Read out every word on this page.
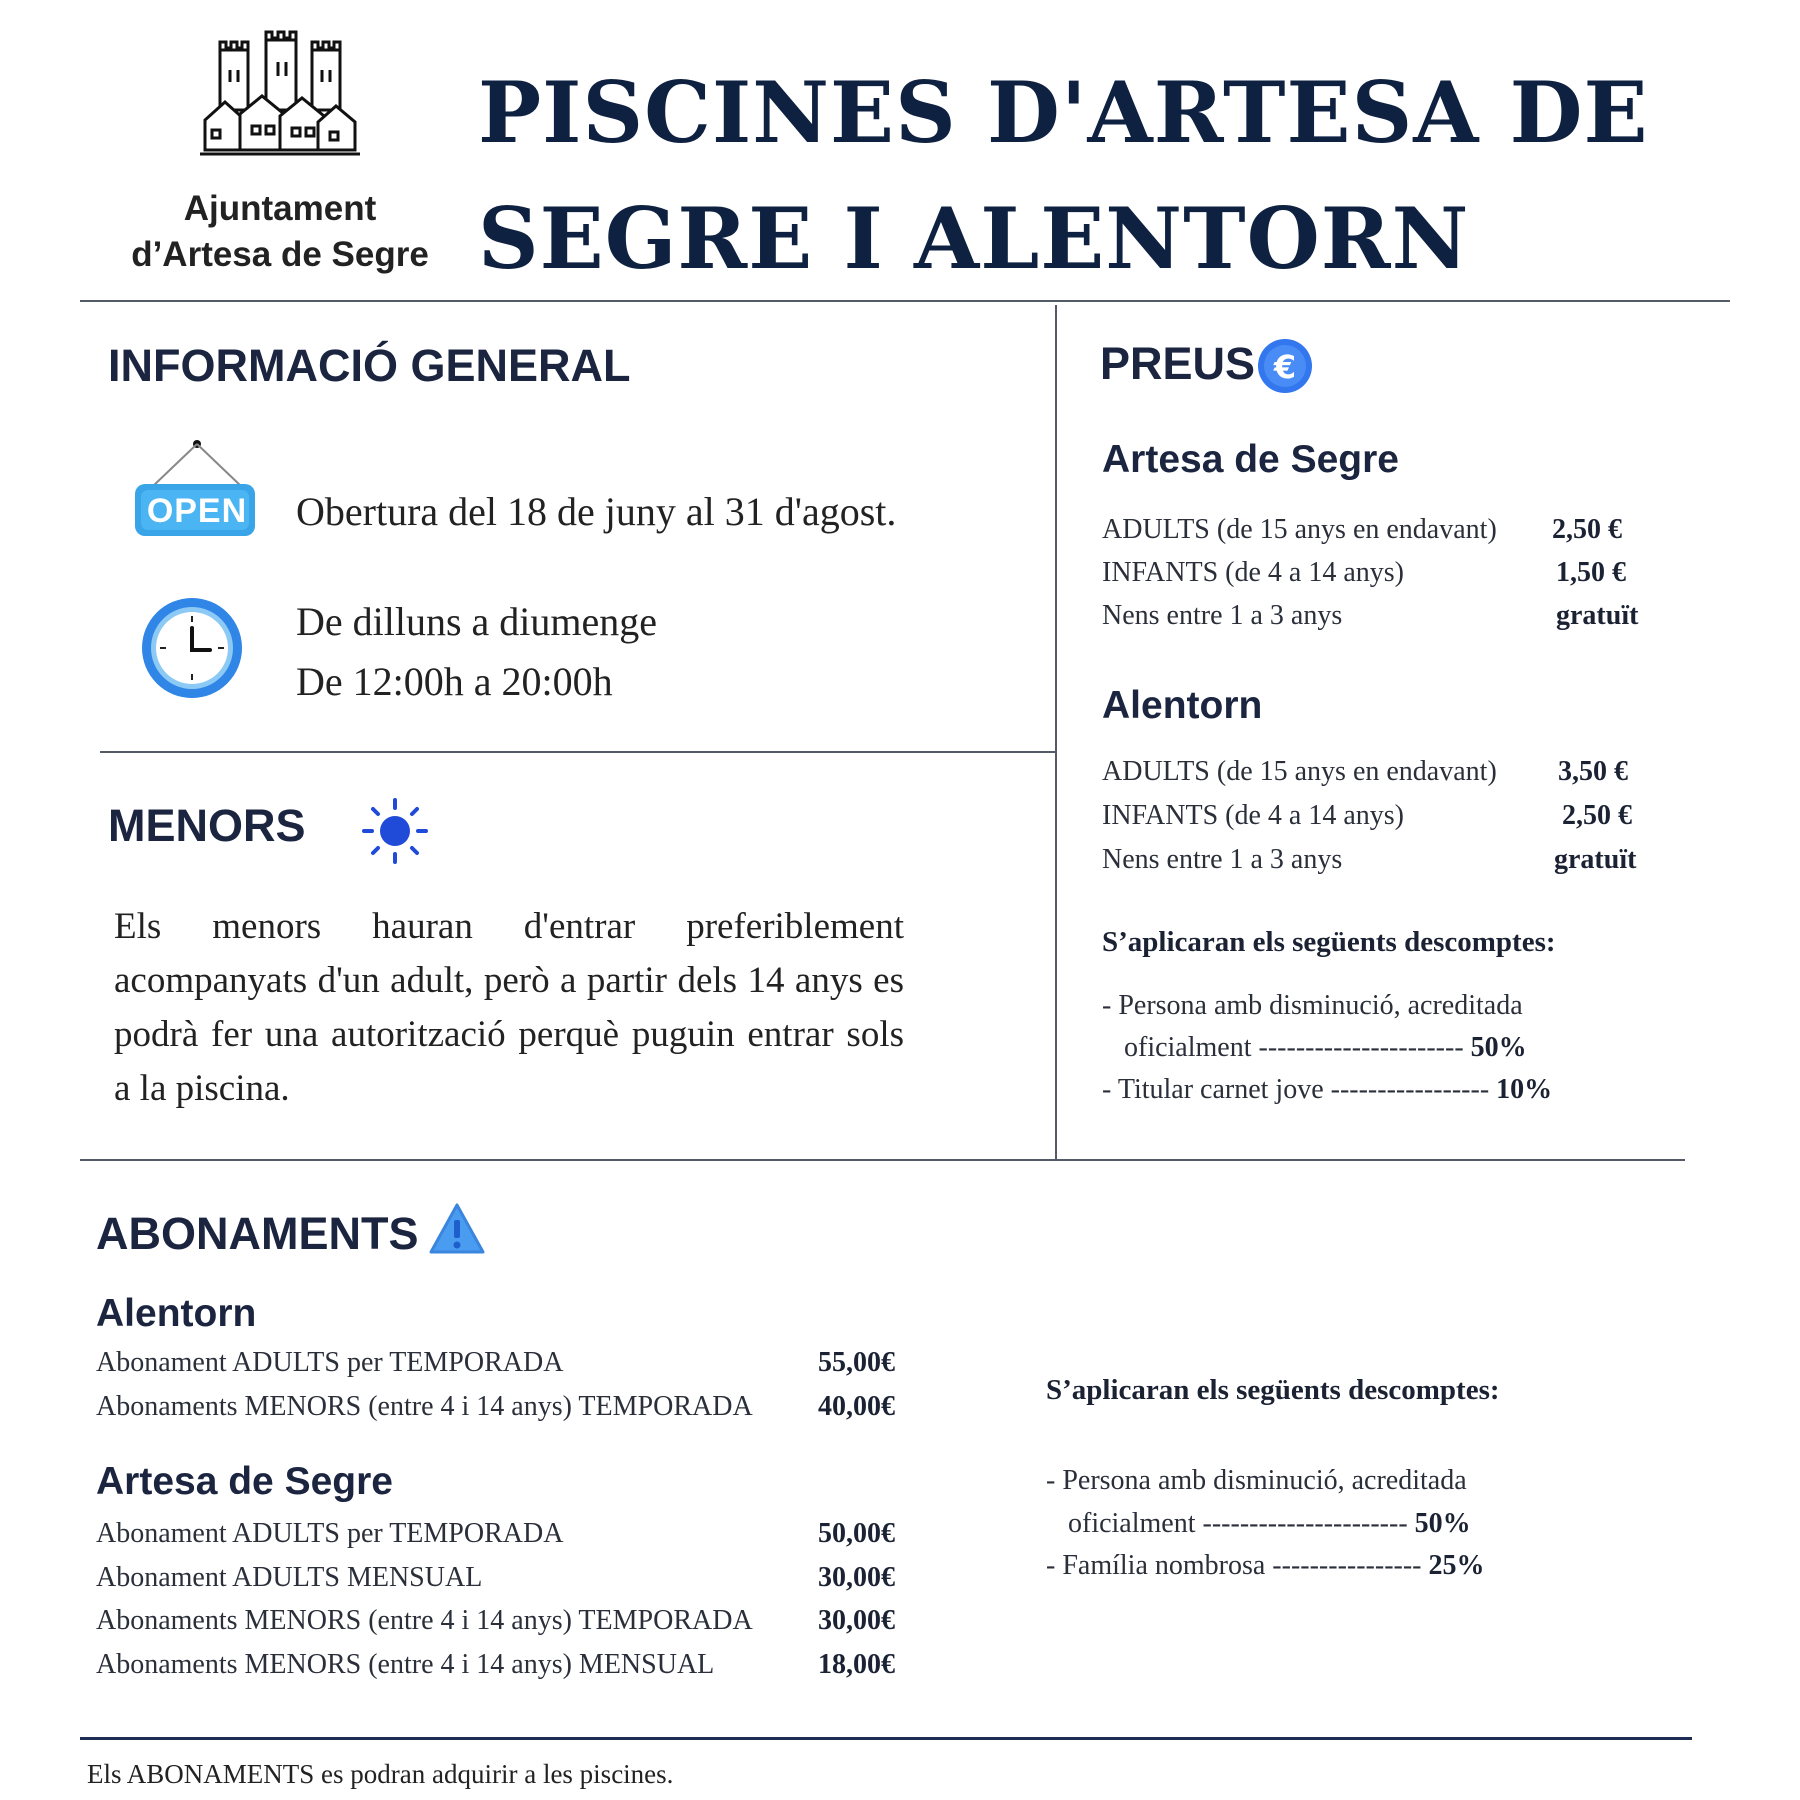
Ajuntament
d’Artesa de Segre
PISCINES D'ARTESA DE
SEGRE I ALENTORN
INFORMACIÓ GENERAL
OPEN Obertura del 18 de juny al 31 d'agost.
De dilluns a diumenge
De 12:00h a 20:00h
MENORS
Els menors hauran d'entrar preferiblement acompanyats d'un adult, però a partir dels 14 anys es podrà fer una autorització perquè puguin entrar sols a la piscina.
PREUS €
Artesa de Segre
ADULTS (de 15 anys en endavant) 2,50 €
INFANTS (de 4 a 14 anys)	1,50 €
Nens entre 1 a 3 anys	gratuït
Alentorn
ADULTS (de 15 anys en endavant) 3,50 €
INFANTS (de 4 a 14 anys)	2,50 €
Nens entre 1 a 3 anys	gratuït
S’aplicaran els següents descomptes:
- Persona amb disminució, acreditada
oficialment ---------------------- 50%
- Titular carnet jove ----------------- 10%
ABONAMENTS
Alentorn
Abonament ADULTS per TEMPORADA	55,00€
Abonaments MENORS (entre 4 i 14 anys) TEMPORADA 40,00€
Artesa de Segre
Abonament ADULTS per TEMPORADA	50,00€
Abonament ADULTS MENSUAL	30,00€
Abonaments MENORS (entre 4 i 14 anys) TEMPORADA 30,00€
Abonaments MENORS (entre 4 i 14 anys) MENSUAL	18,00€
S’aplicaran els següents descomptes:
- Persona amb disminució, acreditada
oficialment ---------------------- 50%
- Família nombrosa ---------------- 25%
Els ABONAMENTS es podran adquirir a les piscines.
